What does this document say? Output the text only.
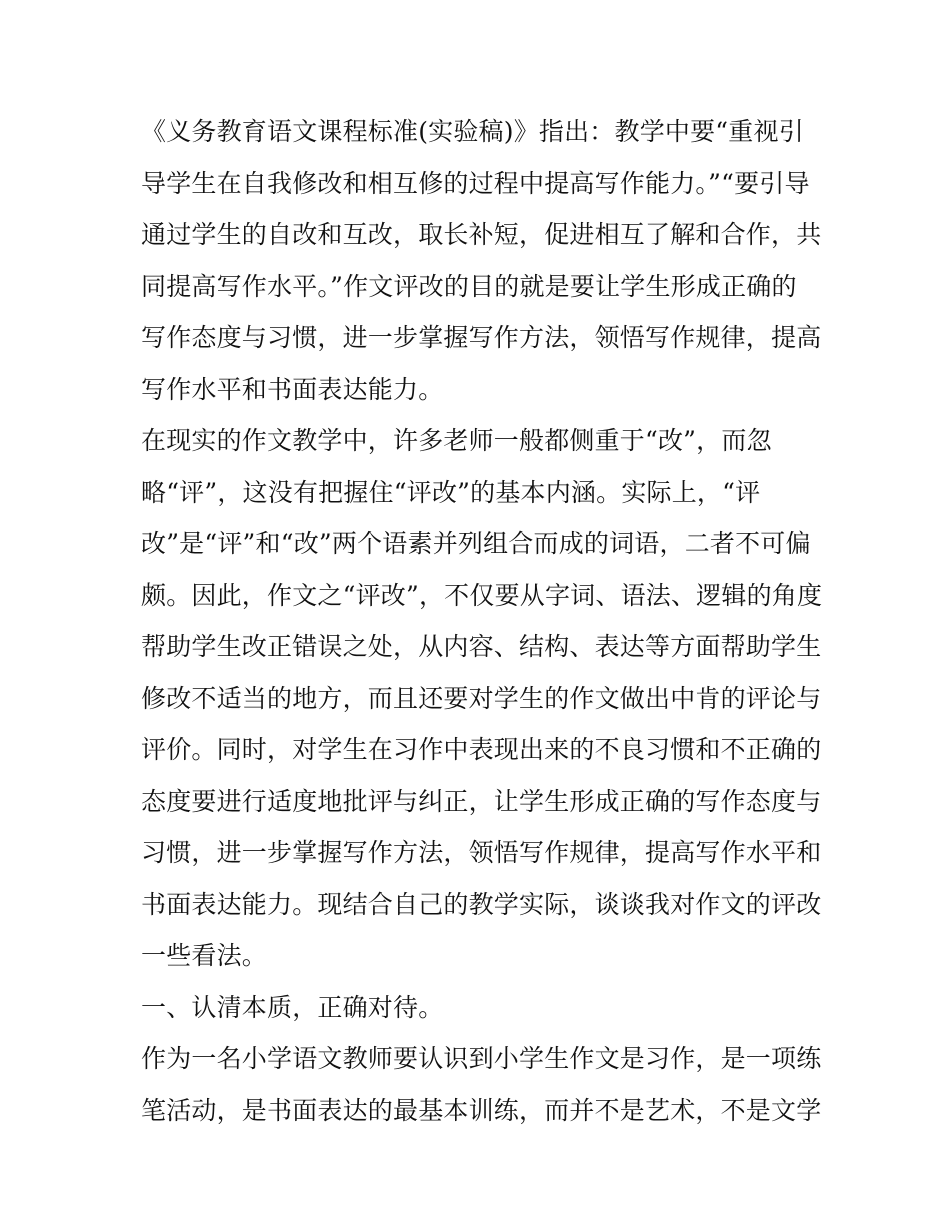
《义务教育语文课程标准(实验稿)》指出：教学中要“重视引
导学生在自我修改和相互修的过程中提高写作能力。”“要引导
通过学生的自改和互改，取长补短，促进相互了解和合作，共
同提高写作水平。”作文评改的目的就是要让学生形成正确的
写作态度与习惯，进一步掌握写作方法，领悟写作规律，提高
写作水平和书面表达能力。
在现实的作文教学中，许多老师一般都侧重于“改”，而忽
略“评”，这没有把握住“评改”的基本内涵。实际上，“评
改”是“评”和“改”两个语素并列组合而成的词语，二者不可偏
颇。因此，作文之“评改”，不仅要从字词、语法、逻辑的角度
帮助学生改正错误之处，从内容、结构、表达等方面帮助学生
修改不适当的地方，而且还要对学生的作文做出中肯的评论与
评价。同时，对学生在习作中表现出来的不良习惯和不正确的
态度要进行适度地批评与纠正，让学生形成正确的写作态度与
习惯，进一步掌握写作方法，领悟写作规律，提高写作水平和
书面表达能力。现结合自己的教学实际，谈谈我对作文的评改
一些看法。
一、认清本质，正确对待。
作为一名小学语文教师要认识到小学生作文是习作，是一项练
笔活动，是书面表达的最基本训练，而并不是艺术，不是文学
